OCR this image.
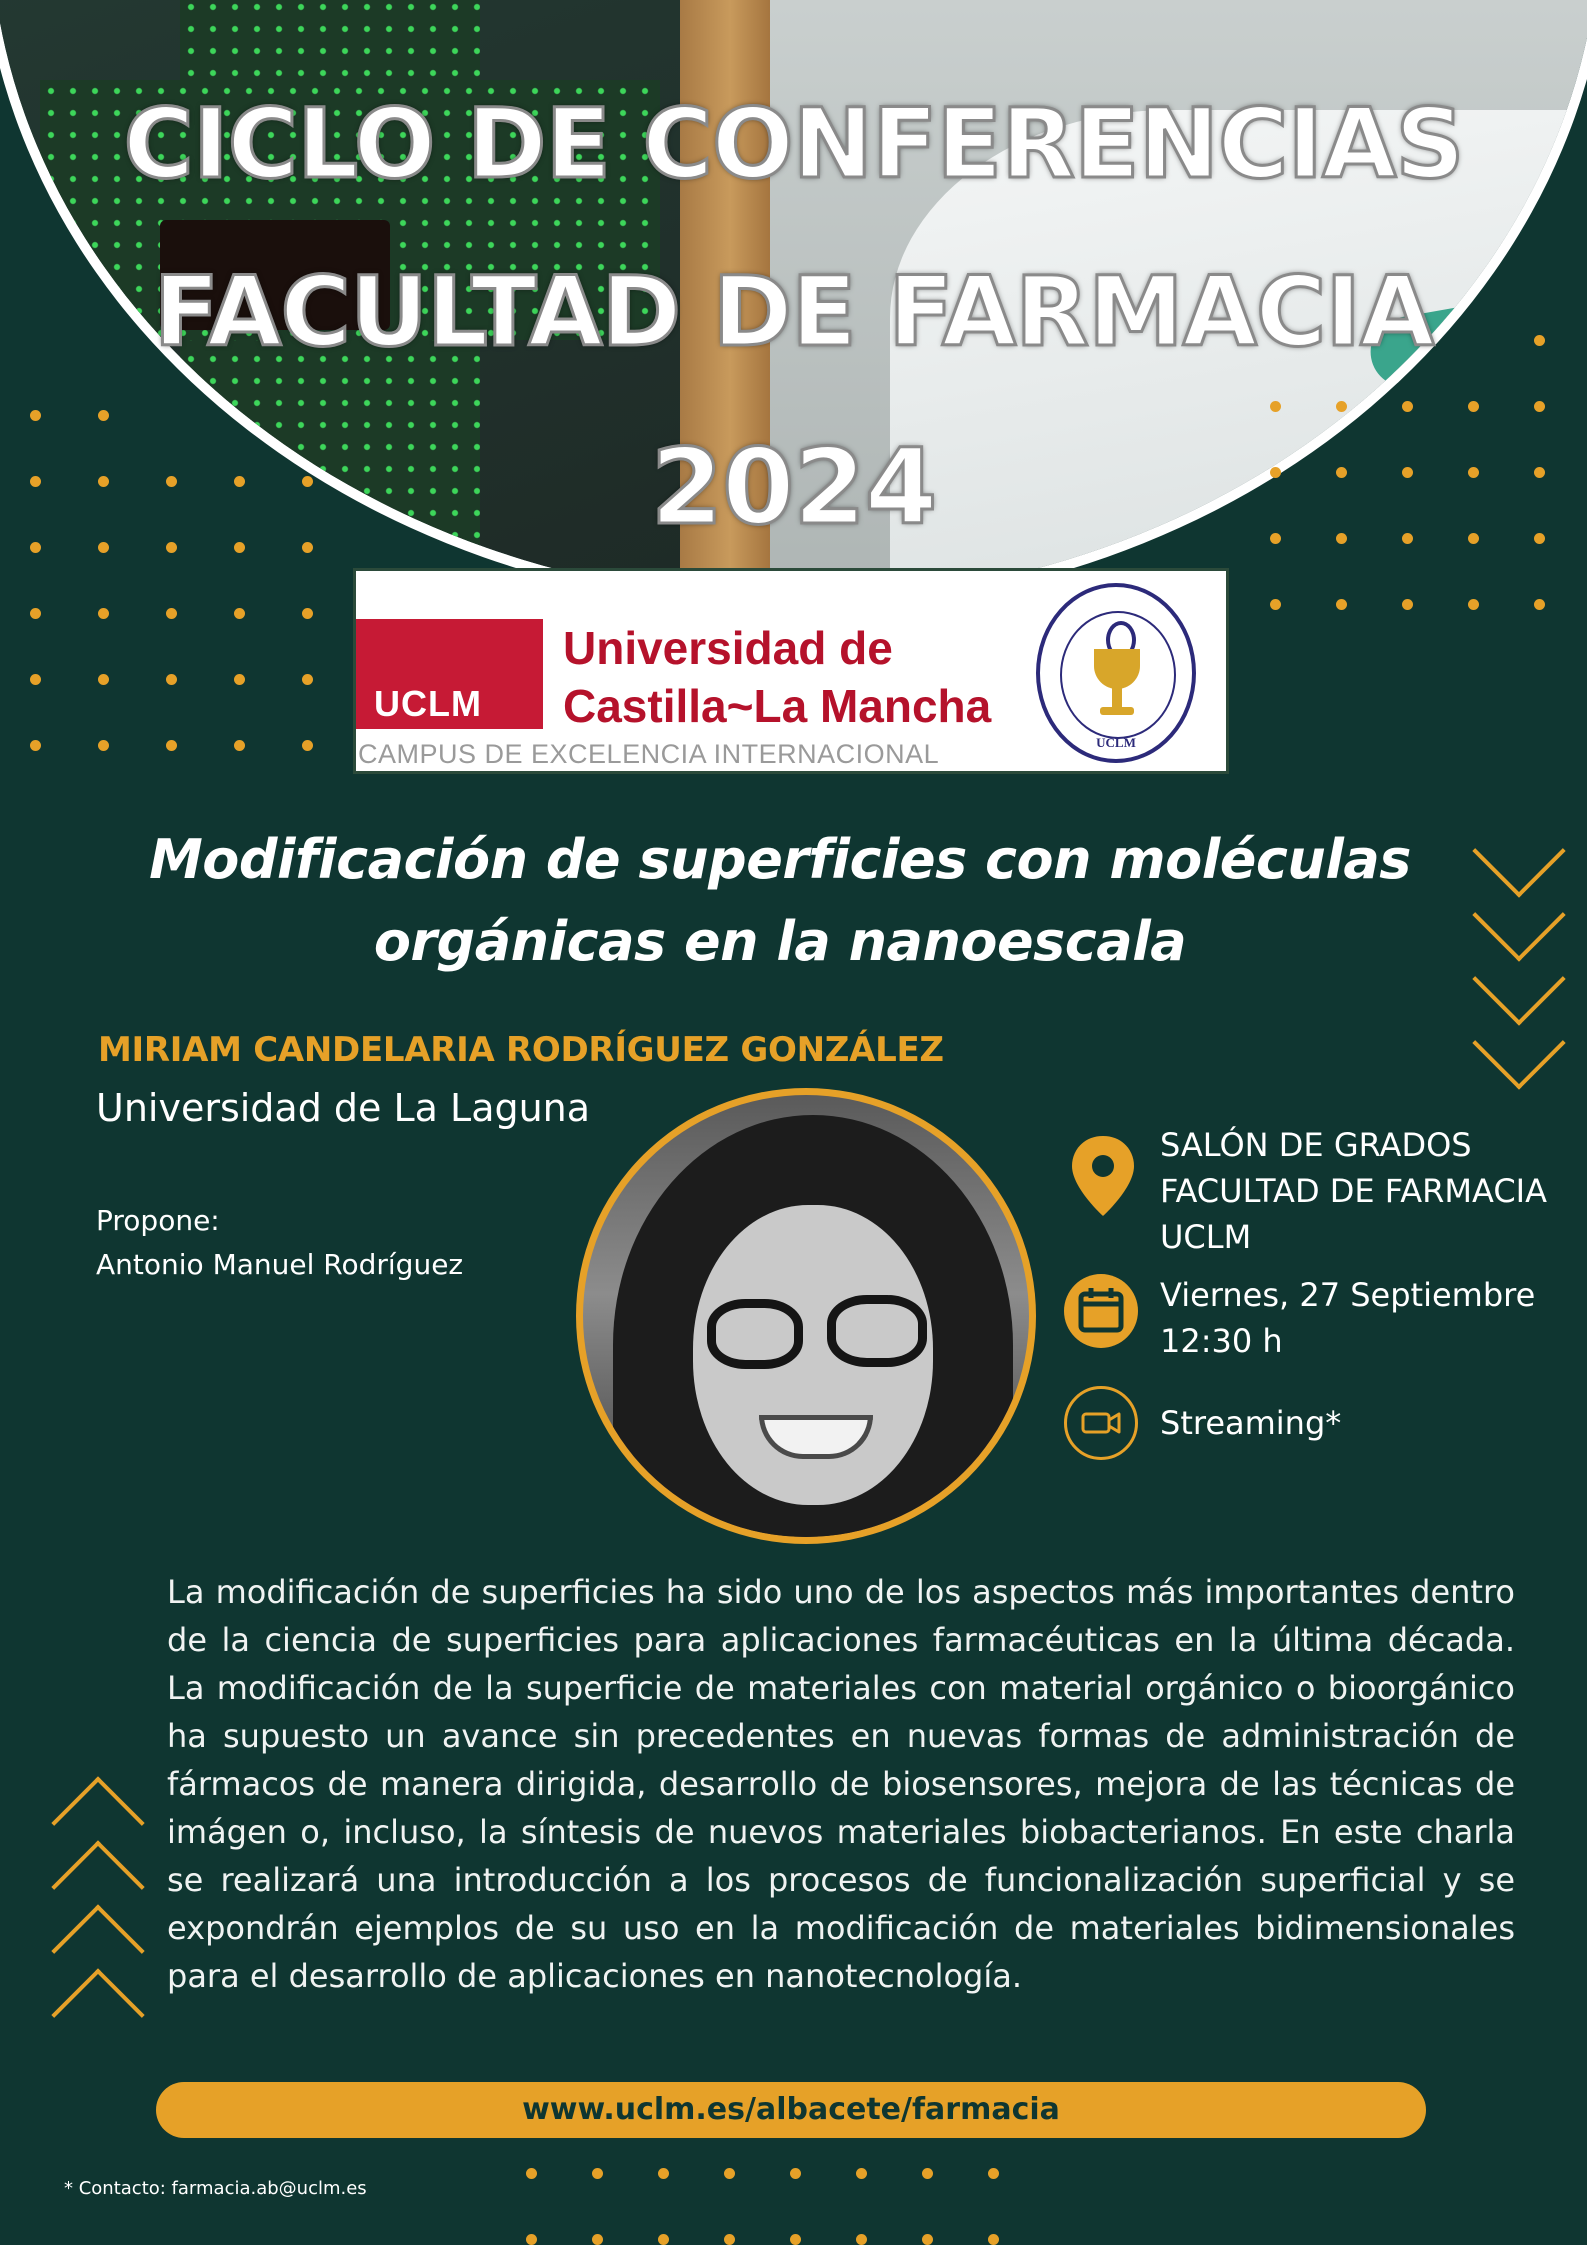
CICLO DE CONFERENCIAS
FACULTAD DE FARMACIA
2024
UCLM
Universidad de
Castilla~La Mancha
CAMPUS DE EXCELENCIA INTERNACIONAL	UCLM
Modificación de superficies con moléculas
orgánicas en la nanoescala
MIRIAM CANDELARIA RODRÍGUEZ GONZÁLEZ
Universidad de La Laguna
Propone:
Antonio Manuel Rodríguez
SALÓN DE GRADOS
FACULTAD DE FARMACIA
UCLM
Viernes, 27 Septiembre
12:30 h
Streaming*
La modificación de superficies ha sido uno de los aspectos más importantes dentro de la ciencia de superficies para aplicaciones farmacéuticas en la última década. La modificación de la superficie de materiales con material orgánico o bioorgánico ha supuesto un avance sin precedentes en nuevas formas de administración de fármacos de manera dirigida, desarrollo de biosensores, mejora de las técnicas de imágen o, incluso, la síntesis de nuevos materiales biobacterianos. En este charla se realizará una introducción a los procesos de funcionalización superficial y se expondrán ejemplos de su uso en la modificación de materiales bidimensionales para el desarrollo de aplicaciones en nanotecnología.
www.uclm.es/albacete/farmacia
* Contacto: farmacia.ab@uclm.es
